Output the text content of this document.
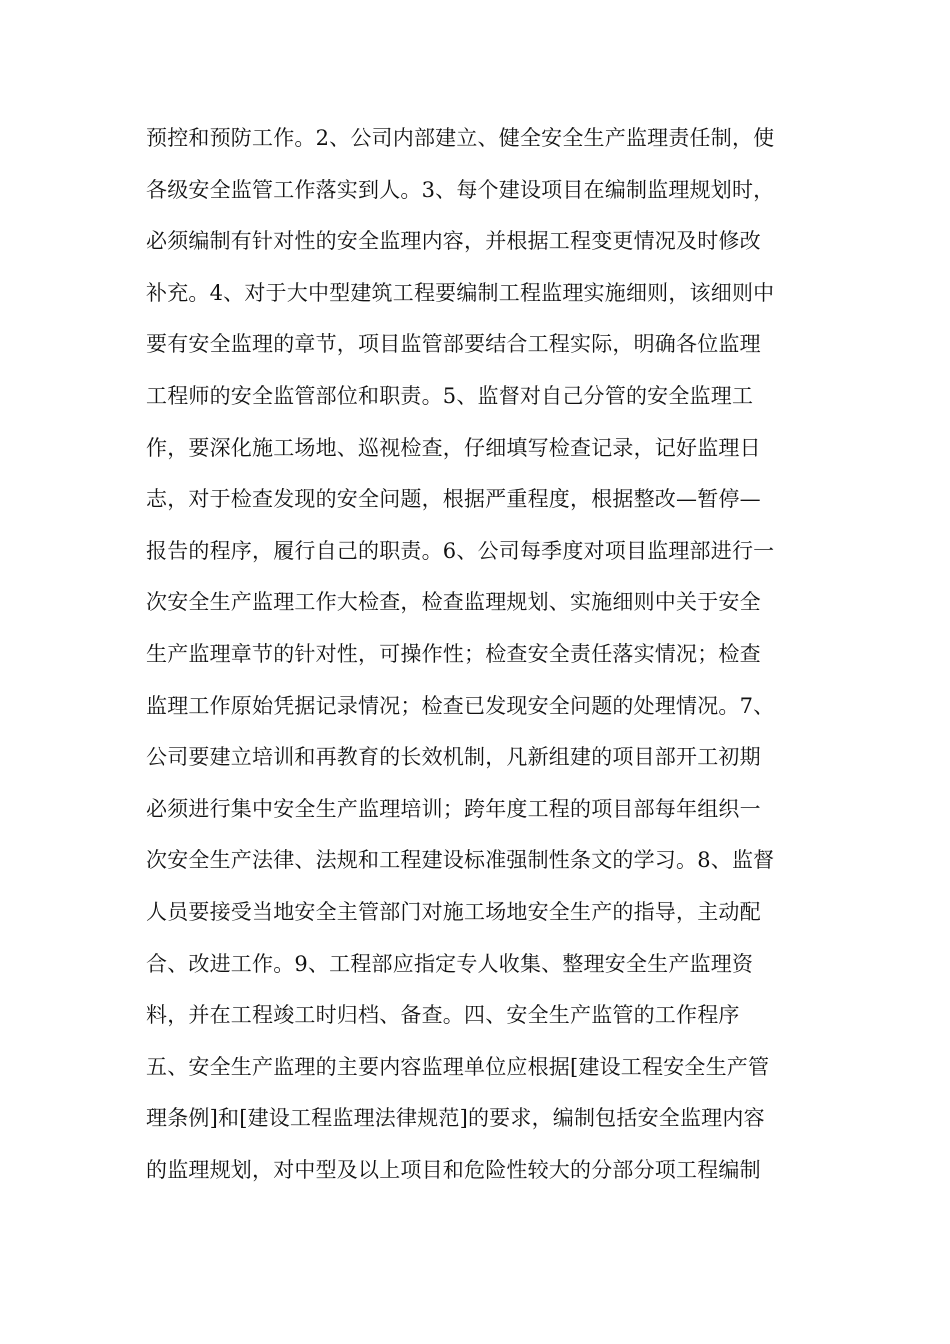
预控和预防工作。2、公司内部建立、健全安全生产监理责任制，使
各级安全监管工作落实到人。3、每个建设项目在编制监理规划时，
必须编制有针对性的安全监理内容，并根据工程变更情况及时修改
补充。4、对于大中型建筑工程要编制工程监理实施细则，该细则中
要有安全监理的章节，项目监管部要结合工程实际，明确各位监理
工程师的安全监管部位和职责。5、监督对自己分管的安全监理工
作，要深化施工场地、巡视检查，仔细填写检查记录，记好监理日
志，对于检查发现的安全问题，根据严重程度，根据整改—暂停—
报告的程序，履行自己的职责。6、公司每季度对项目监理部进行一
次安全生产监理工作大检查，检查监理规划、实施细则中关于安全
生产监理章节的针对性，可操作性；检查安全责任落实情况；检查
监理工作原始凭据记录情况；检查已发现安全问题的处理情况。7、
公司要建立培训和再教育的长效机制，凡新组建的项目部开工初期
必须进行集中安全生产监理培训；跨年度工程的项目部每年组织一
次安全生产法律、法规和工程建设标准强制性条文的学习。8、监督
人员要接受当地安全主管部门对施工场地安全生产的指导，主动配
合、改进工作。9、工程部应指定专人收集、整理安全生产监理资
料，并在工程竣工时归档、备查。四、安全生产监管的工作程序
五、安全生产监理的主要内容监理单位应根据[建设工程安全生产管
理条例]和[建设工程监理法律规范]的要求，编制包括安全监理内容
的监理规划，对中型及以上项目和危险性较大的分部分项工程编制
